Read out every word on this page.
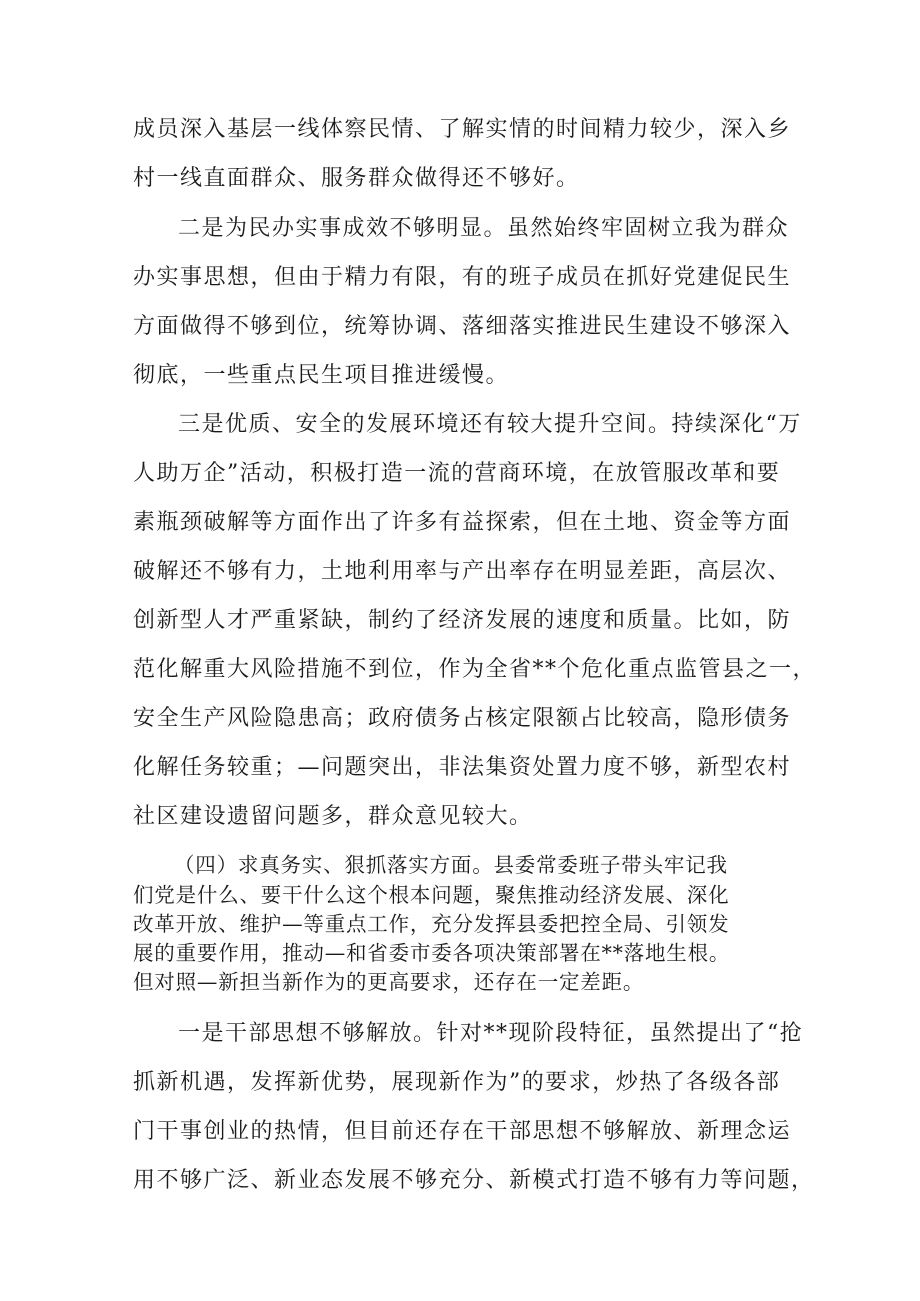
成员深入基层一线体察民情、了解实情的时间精力较少，深入乡
村一线直面群众、服务群众做得还不够好。
二是为民办实事成效不够明显。虽然始终牢固树立我为群众
办实事思想，但由于精力有限，有的班子成员在抓好党建促民生
方面做得不够到位，统筹协调、落细落实推进民生建设不够深入
彻底，一些重点民生项目推进缓慢。
三是优质、安全的发展环境还有较大提升空间。持续深化“万
人助万企”活动，积极打造一流的营商环境，在放管服改革和要
素瓶颈破解等方面作出了许多有益探索，但在土地、资金等方面
破解还不够有力，土地利用率与产出率存在明显差距，高层次、
创新型人才严重紧缺，制约了经济发展的速度和质量。比如，防
范化解重大风险措施不到位，作为全省**个危化重点监管县之一，
安全生产风险隐患高；政府债务占核定限额占比较高，隐形债务
化解任务较重；—问题突出，非法集资处置力度不够，新型农村
社区建设遗留问题多，群众意见较大。
（四）求真务实、狠抓落实方面。县委常委班子带头牢记我
们党是什么、要干什么这个根本问题，聚焦推动经济发展、深化
改革开放、维护—等重点工作，充分发挥县委把控全局、引领发
展的重要作用，推动—和省委市委各项决策部署在**落地生根。
但对照—新担当新作为的更高要求，还存在一定差距。
一是干部思想不够解放。针对**现阶段特征，虽然提出了“抢
抓新机遇，发挥新优势，展现新作为”的要求，炒热了各级各部
门干事创业的热情，但目前还存在干部思想不够解放、新理念运
用不够广泛、新业态发展不够充分、新模式打造不够有力等问题，
